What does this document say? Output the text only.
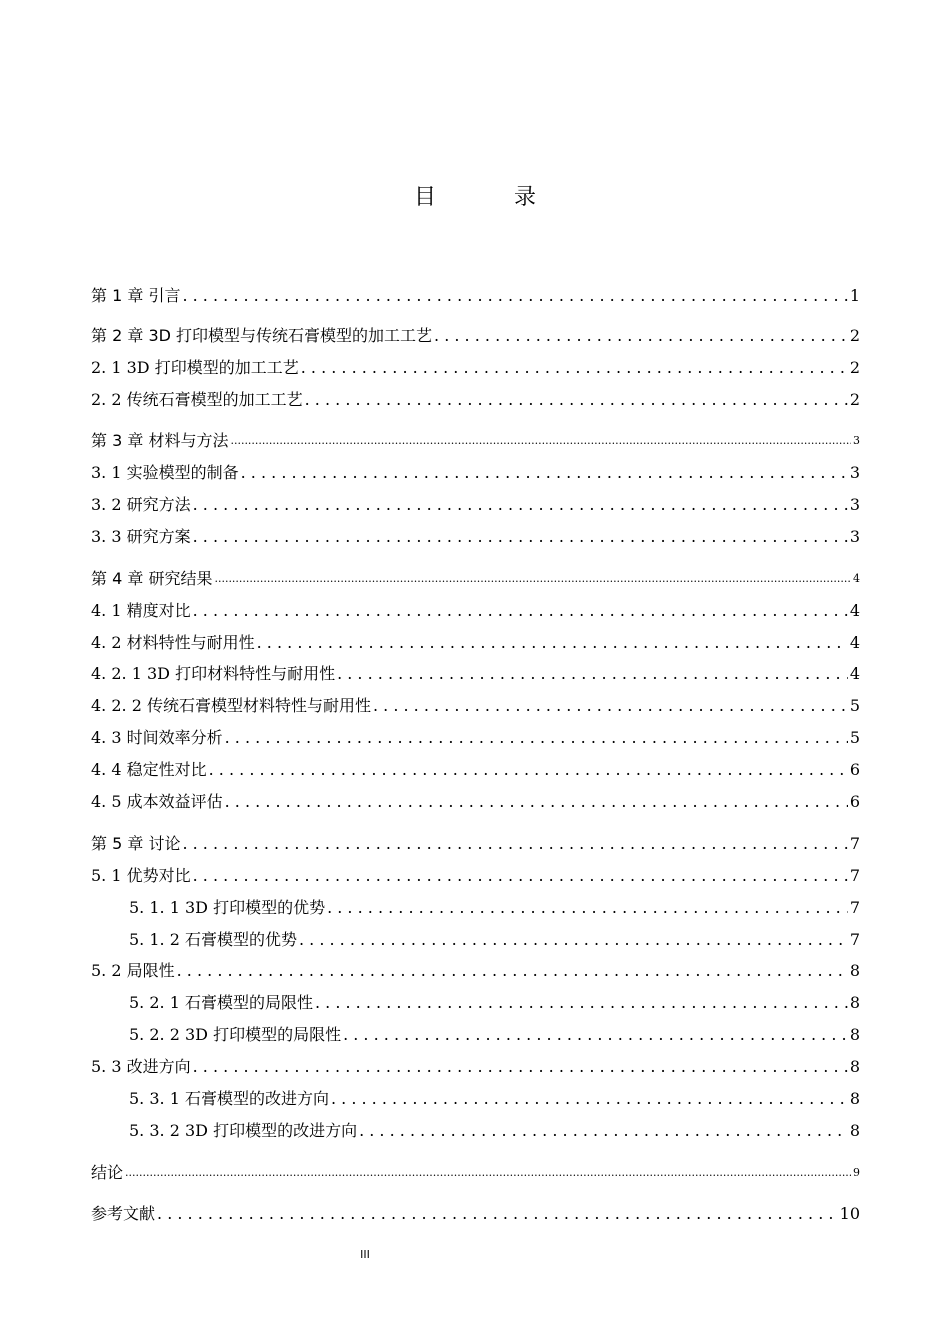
目　录
第 1 章 引言 . . .	1
第 2 章 3D 打印模型与传统石膏模型的加工工艺 . . .	2
2. 1 3D 打印模型的加工工艺 . . .	2
2. 2 传统石膏模型的加工工艺 . . .	2
第 3 章 材料与方法 .....	3
3. 1 实验模型的制备 . . .	3
3. 2 研究方法 . . .	3
3. 3 研究方案 . . .	3
第 4 章 研究结果 .....	4
4. 1 精度对比 . . .	4
4. 2 材料特性与耐用性 . . .	4
4. 2. 1 3D 打印材料特性与耐用性 . . .	4
4. 2. 2 传统石膏模型材料特性与耐用性 . . .	5
4. 3 时间效率分析 . . .	5
4. 4 稳定性对比 . . .	6
4. 5 成本效益评估 . . .	6
第 5 章 讨论 . . .	7
5. 1 优势对比 . . .	7
5. 1. 1 3D 打印模型的优势 . . .	7
5. 1. 2 石膏模型的优势 . . .	7
5. 2 局限性 . . .	8
5. 2. 1 石膏模型的局限性 . . .	8
5. 2. 2 3D 打印模型的局限性 . . .	8
5. 3 改进方向 . . .	8
5. 3. 1 石膏模型的改进方向 . . .	8
5. 3. 2 3D 打印模型的改进方向 . . .	8
结论 .....	9
参考文献 . . .	10
III
